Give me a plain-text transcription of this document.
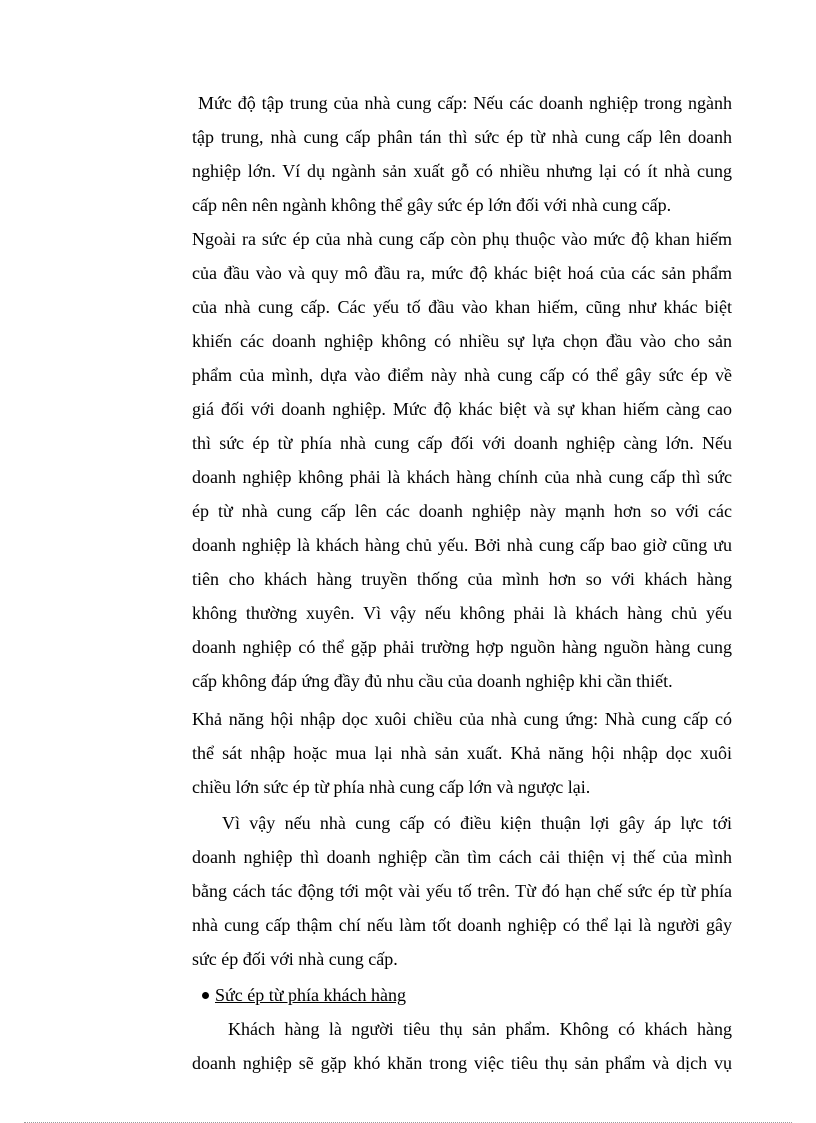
Mức độ tập trung của nhà cung cấp: Nếu các doanh nghiệp trong ngành
tập trung, nhà cung cấp phân tán thì sức ép từ nhà cung cấp lên doanh
nghiệp lớn. Ví dụ ngành sản xuất gỗ có nhiều nhưng lại có ít nhà cung
cấp nên nên ngành không thể gây sức ép lớn đối với nhà cung cấp.
Ngoài ra sức ép của nhà cung cấp còn phụ thuộc vào mức độ khan hiếm
của đầu vào và quy mô đầu ra, mức độ khác biệt hoá của các sản phẩm
của nhà cung cấp. Các yếu tố đầu vào khan hiếm, cũng như khác biệt
khiến các doanh nghiệp không có nhiều sự lựa chọn đầu vào cho sản
phẩm của mình, dựa vào điểm này nhà cung cấp có thể gây sức ép về
giá đối với doanh nghiệp. Mức độ khác biệt và sự khan hiếm càng cao
thì sức ép từ phía nhà cung cấp đối với doanh nghiệp càng lớn. Nếu
doanh nghiệp không phải là khách hàng chính của nhà cung cấp thì sức
ép từ nhà cung cấp lên các doanh nghiệp này mạnh hơn so với các
doanh nghiệp là khách hàng chủ yếu. Bởi nhà cung cấp bao giờ cũng ưu
tiên cho khách hàng truyền thống của mình hơn so với khách hàng
không thường xuyên. Vì vậy nếu không phải là khách hàng chủ yếu
doanh nghiệp có thể gặp phải trường hợp nguồn hàng nguồn hàng cung
cấp không đáp ứng đầy đủ nhu cầu của doanh nghiệp khi cần thiết.
Khả năng hội nhập dọc xuôi chiều của nhà cung ứng: Nhà cung cấp có
thể sát nhập hoặc mua lại nhà sản xuất. Khả năng hội nhập dọc xuôi
chiều lớn sức ép từ phía nhà cung cấp lớn và ngược lại.
Vì vậy nếu nhà cung cấp có điều kiện thuận lợi gây áp lực tới
doanh nghiệp thì doanh nghiệp cần tìm cách cải thiện vị thế của mình
bằng cách tác động tới một vài yếu tố trên. Từ đó hạn chế sức ép từ phía
nhà cung cấp thậm chí nếu làm tốt doanh nghiệp có thể lại là người gây
sức ép đối với nhà cung cấp.
Sức ép từ phía khách hàng
Khách hàng là người tiêu thụ sản phẩm. Không có khách hàng
doanh nghiệp sẽ gặp khó khăn trong việc tiêu thụ sản phẩm và dịch vụ
